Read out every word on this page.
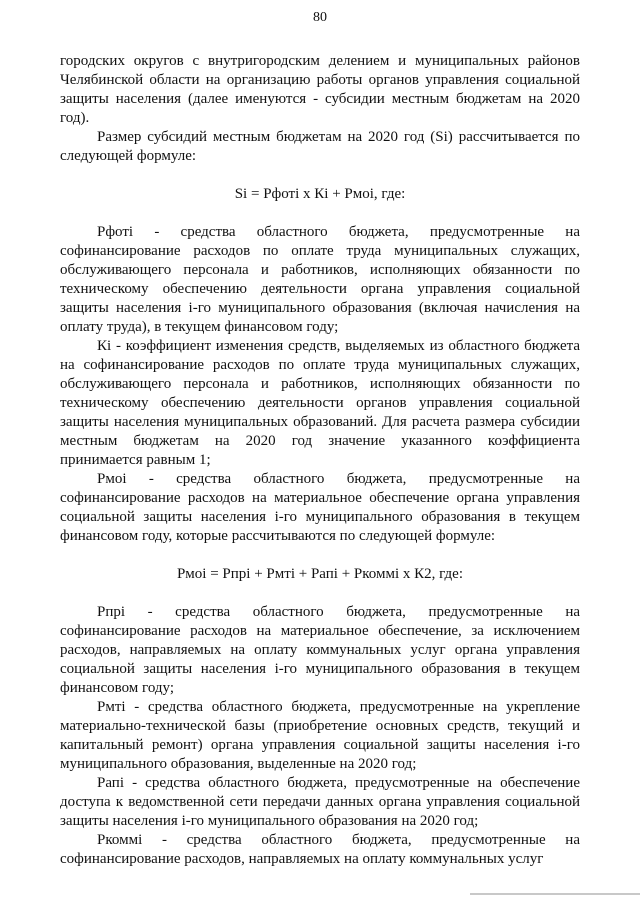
80

городских округов с внутригородским делением и муниципальных районов Челябинской области на организацию работы органов управления социальной защиты населения (далее именуются - субсидии местным бюджетам на 2020 год).

Размер субсидий местным бюджетам на 2020 год (Si) рассчитывается по следующей формуле:

Si = Pфотi х Кi + Рмоi, где:

Рфотi - средства областного бюджета, предусмотренные на софинансирование расходов по оплате труда муниципальных служащих, обслуживающего персонала и работников, исполняющих обязанности по техническому обеспечению деятельности органа управления социальной защиты населения i-го муниципального образования (включая начисления на оплату труда), в текущем финансовом году;

Кi - коэффициент изменения средств, выделяемых из областного бюджета на софинансирование расходов по оплате труда муниципальных служащих, обслуживающего персонала и работников, исполняющих обязанности по техническому обеспечению деятельности органов управления социальной защиты населения муниципальных образований. Для расчета размера субсидии местным бюджетам на 2020 год значение указанного коэффициента принимается равным 1;

Рмоi - средства областного бюджета, предусмотренные на софинансирование расходов на материальное обеспечение органа управления социальной защиты населения i-го муниципального образования в текущем финансовом году, которые рассчитываются по следующей формуле:

Рмоi = Рпрi + Рмтi + Рапi + Ркоммi х К2, где:

Рпрi - средства областного бюджета, предусмотренные на софинансирование расходов на материальное обеспечение, за исключением расходов, направляемых на оплату коммунальных услуг органа управления социальной защиты населения i-го муниципального образования в текущем финансовом году;

Рмтi - средства областного бюджета, предусмотренные на укрепление материально-технической базы (приобретение основных средств, текущий и капитальный ремонт) органа управления социальной защиты населения i-го муниципального образования, выделенные на 2020 год;

Рапi - средства областного бюджета, предусмотренные на обеспечение доступа к ведомственной сети передачи данных органа управления социальной защиты населения i-го муниципального образования на 2020 год;

Ркоммi - средства областного бюджета, предусмотренные на софинансирование расходов, направляемых на оплату коммунальных услуг
